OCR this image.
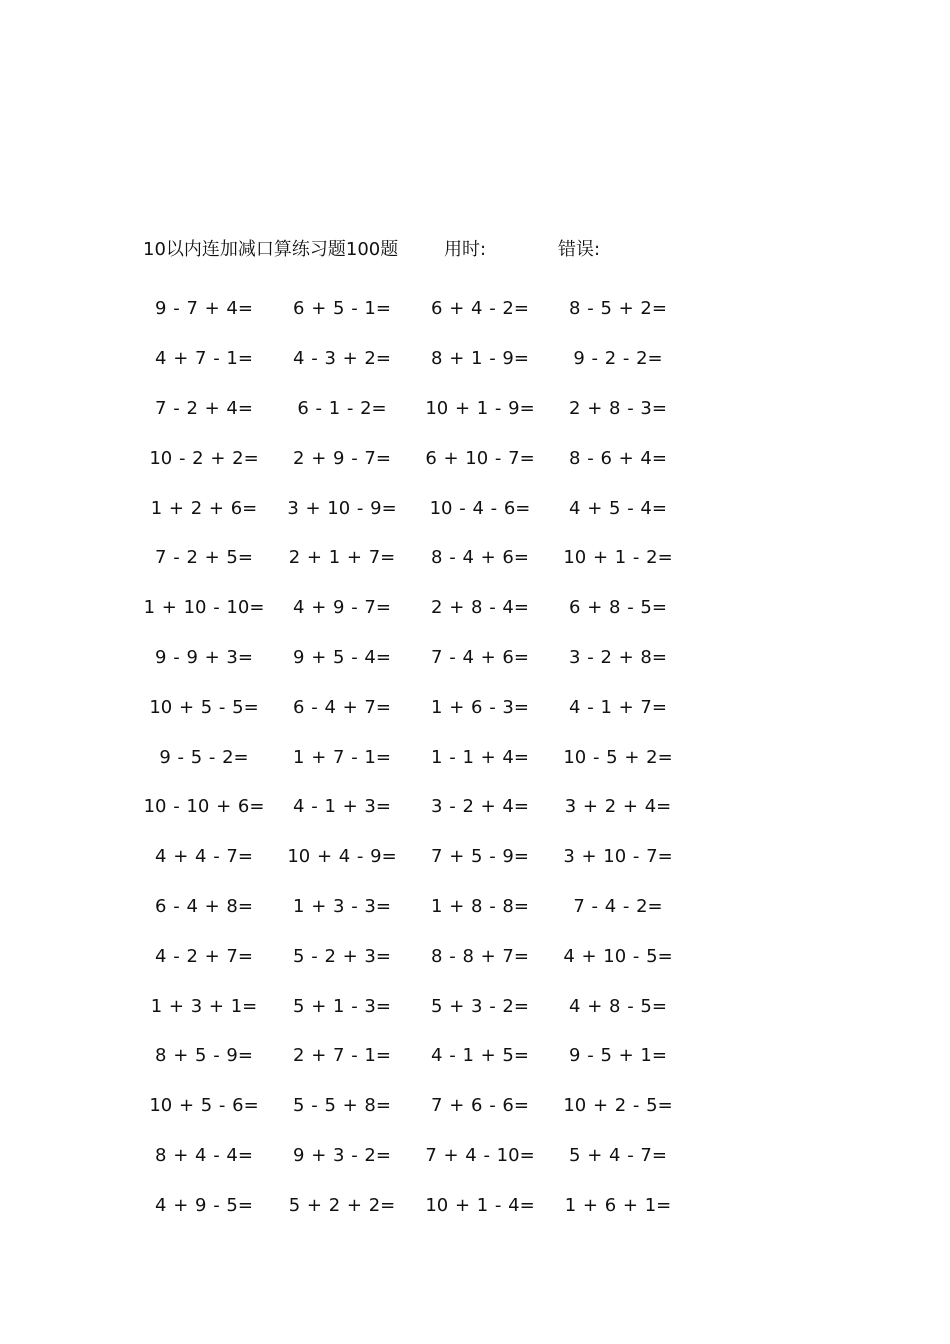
10以内连加减口算练习题100题	用时:	错误:
9 - 7 + 4=	6 + 5 - 1=	6 + 4 - 2=	8 - 5 + 2=
4 + 7 - 1=	4 - 3 + 2=	8 + 1 - 9=	9 - 2 - 2=
7 - 2 + 4=	6 - 1 - 2=	10 + 1 - 9=	2 + 8 - 3=
10 - 2 + 2=	2 + 9 - 7=	6 + 10 - 7=	8 - 6 + 4=
1 + 2 + 6=	3 + 10 - 9=	10 - 4 - 6=	4 + 5 - 4=
7 - 2 + 5=	2 + 1 + 7=	8 - 4 + 6=	10 + 1 - 2=
1 + 10 - 10=	4 + 9 - 7=	2 + 8 - 4=	6 + 8 - 5=
9 - 9 + 3=	9 + 5 - 4=	7 - 4 + 6=	3 - 2 + 8=
10 + 5 - 5=	6 - 4 + 7=	1 + 6 - 3=	4 - 1 + 7=
9 - 5 - 2=	1 + 7 - 1=	1 - 1 + 4=	10 - 5 + 2=
10 - 10 + 6=	4 - 1 + 3=	3 - 2 + 4=	3 + 2 + 4=
4 + 4 - 7=	10 + 4 - 9=	7 + 5 - 9=	3 + 10 - 7=
6 - 4 + 8=	1 + 3 - 3=	1 + 8 - 8=	7 - 4 - 2=
4 - 2 + 7=	5 - 2 + 3=	8 - 8 + 7=	4 + 10 - 5=
1 + 3 + 1=	5 + 1 - 3=	5 + 3 - 2=	4 + 8 - 5=
8 + 5 - 9=	2 + 7 - 1=	4 - 1 + 5=	9 - 5 + 1=
10 + 5 - 6=	5 - 5 + 8=	7 + 6 - 6=	10 + 2 - 5=
8 + 4 - 4=	9 + 3 - 2=	7 + 4 - 10=	5 + 4 - 7=
4 + 9 - 5=	5 + 2 + 2=	10 + 1 - 4=	1 + 6 + 1=
